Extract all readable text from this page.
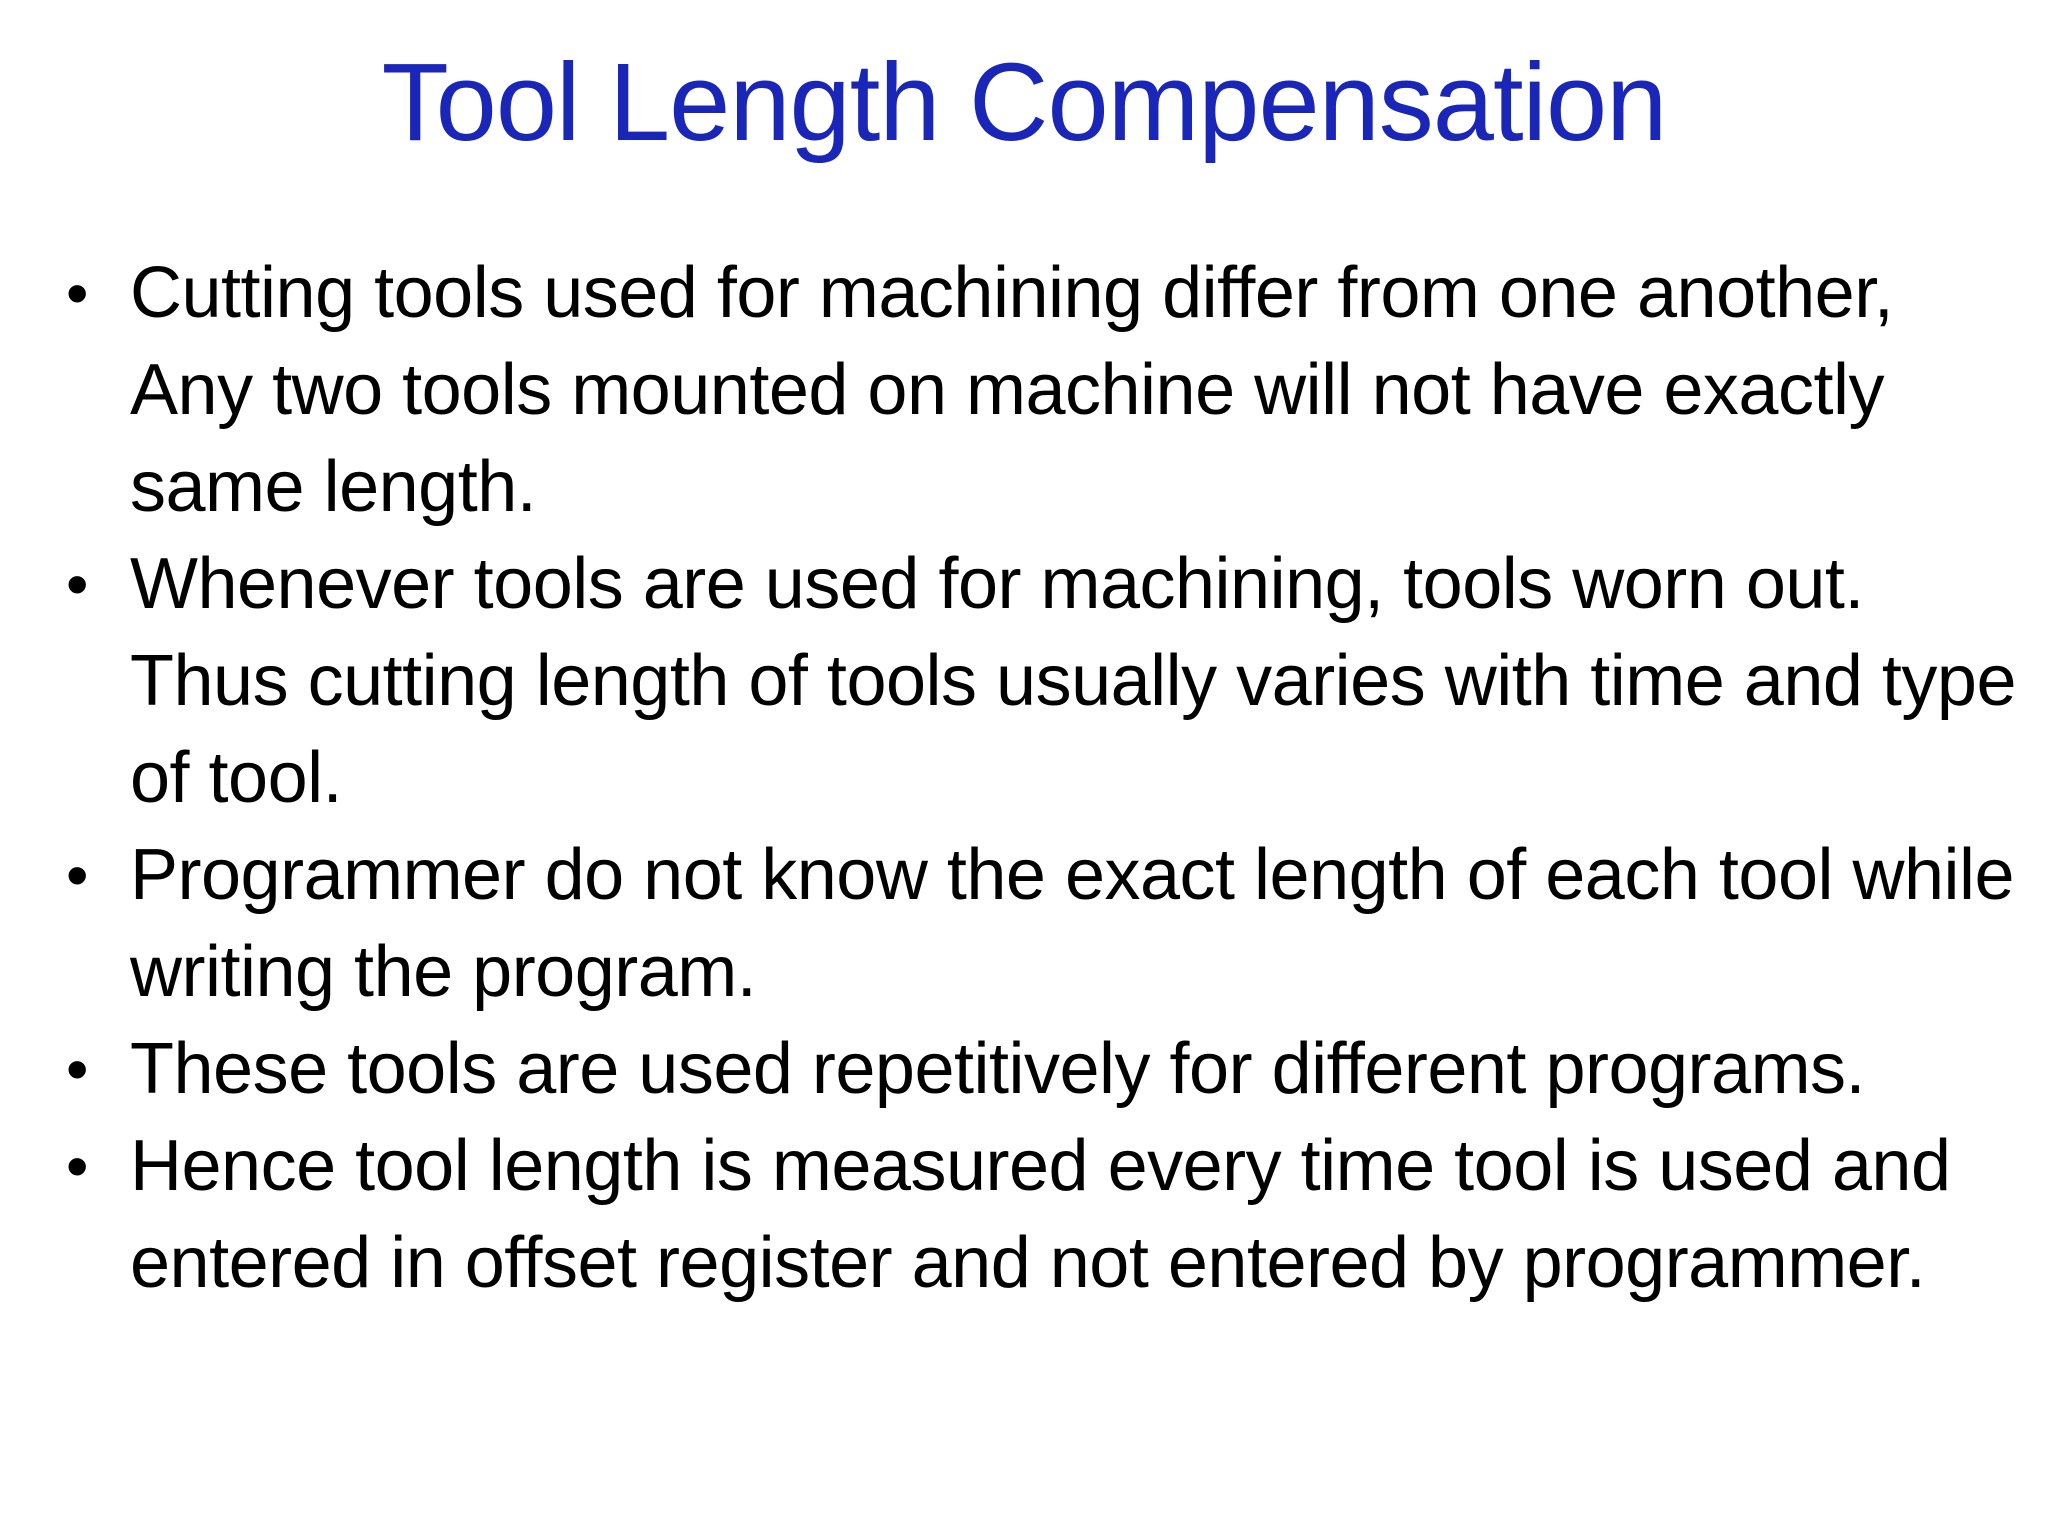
Tool Length Compensation
• Cutting tools used for machining differ from one another, Any two tools mounted on machine will not have exactly same length.
• Whenever tools are used for machining, tools worn out. Thus cutting length of tools usually varies with time and type of tool.
• Programmer do not know the exact length of each tool while writing the program.
• These tools are used repetitively for different programs.
• Hence tool length is measured every time tool is used and entered in offset register and not entered by programmer.
